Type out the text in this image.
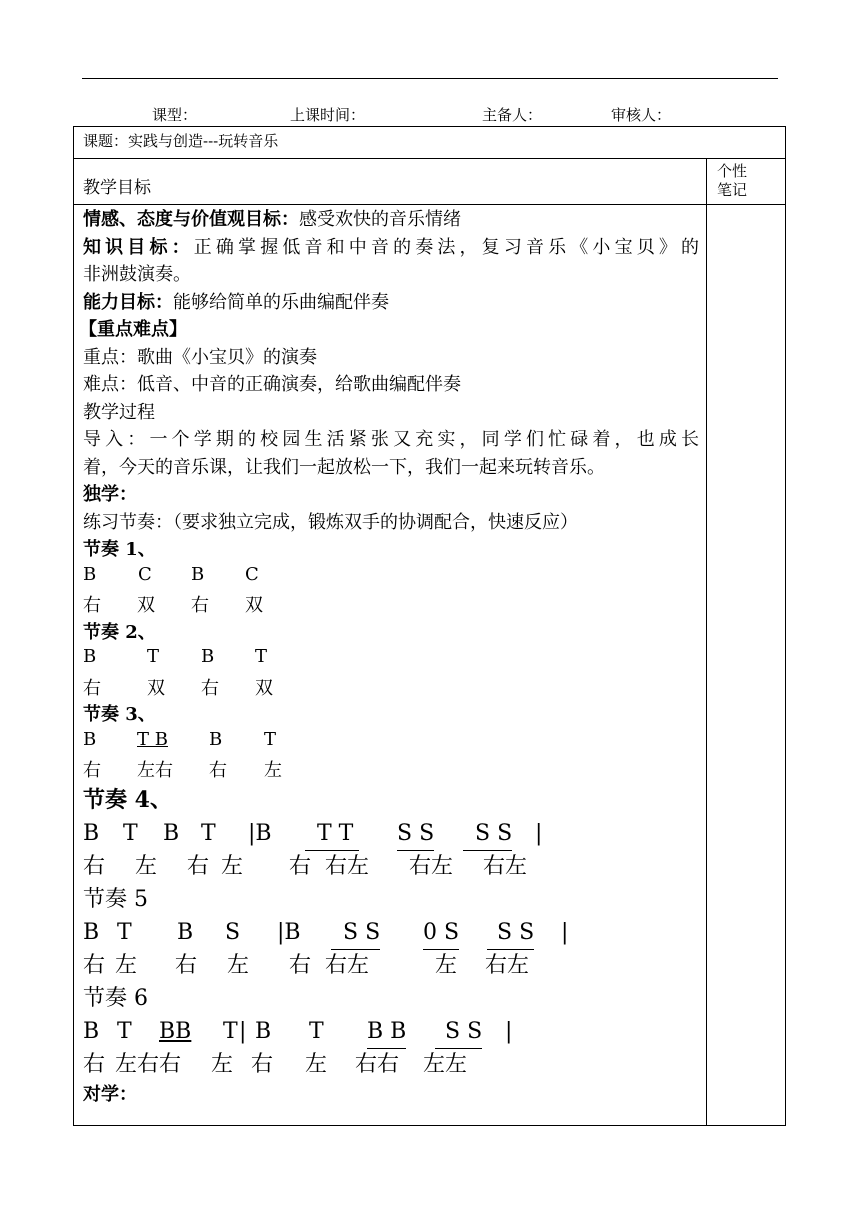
课型：	上课时间：	主备人：	审核人：
课题：实践与创造---玩转音乐
教学目标
个性笔记
情感、态度与价值观目标：感受欢快的音乐情绪
知识目标：正确掌握低音和中音的奏法，复习音乐《小宝贝》的
非洲鼓演奏。
能力目标：能够给简单的乐曲编配伴奏
【重点难点】
重点：歌曲《小宝贝》的演奏
难点：低音、中音的正确演奏，给歌曲编配伴奏
教学过程
导入：一个学期的校园生活紧张又充实，同学们忙碌着，也成长
着，今天的音乐课，让我们一起放松一下，我们一起来玩转音乐。
独学：
练习节奏：（要求独立完成，锻炼双手的协调配合，快速反应）
节奏 1、
B C B C
右 双 右 双
节奏 2、
B	T B T
右	双 右 双
节奏 3、
B T B B T
右 左右 右 左
节奏 4、
B T B T |B	T T S S	S S |
右 左 右 左 右 右左 右左 右左
节奏 5
B T B S |B	S S 0 S	S S |
右 左 右 左 右 右左	左 右左
节奏 6
B T BB T | B T B B	S S |
右 左右右 左 右 左 右右 左左
对学：
